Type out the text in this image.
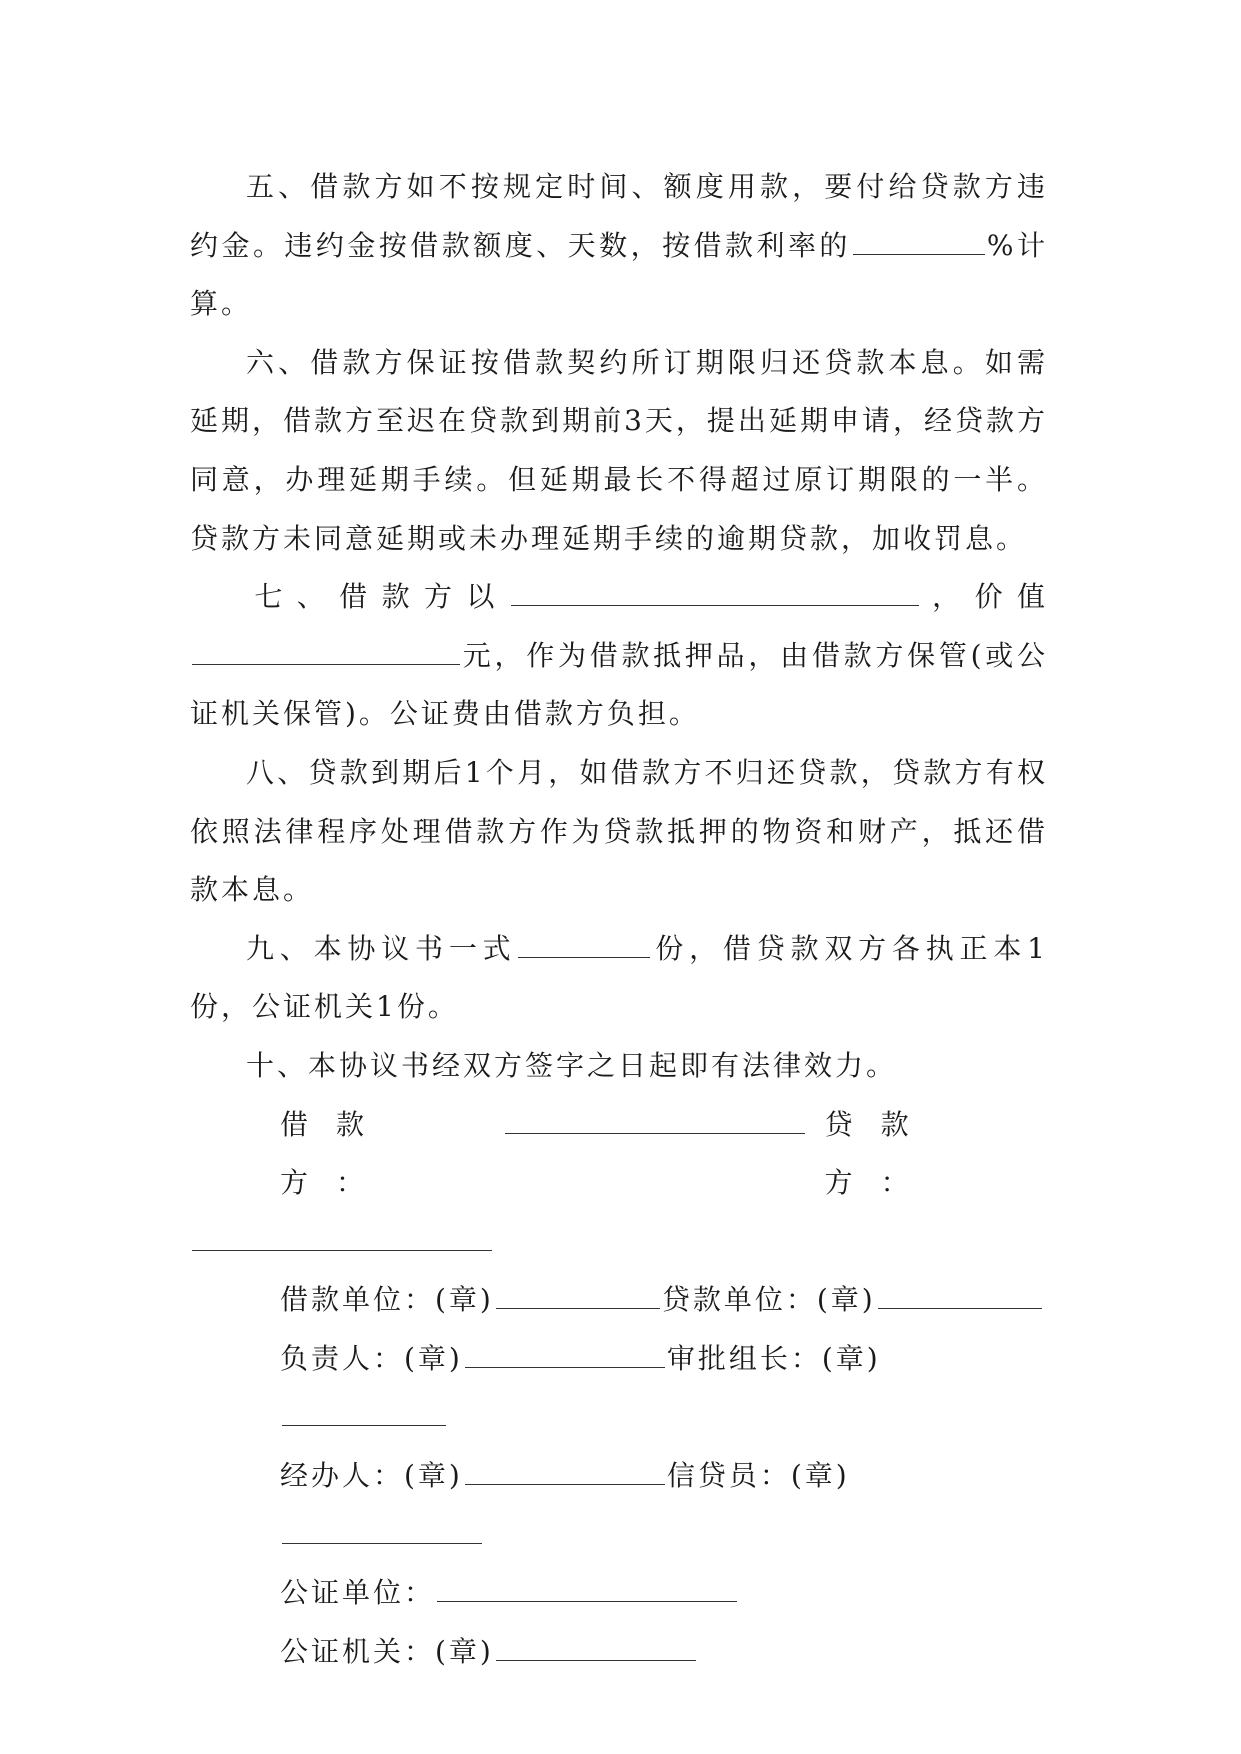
五、借款方如不按规定时间、额度用款，要付给贷款方违约金。违约金按借款额度、天数，按借款利率的	%计算。

六、借款方保证按借款契约所订期限归还贷款本息。如需延期，借款方至迟在贷款到期前3天，提出延期申请，经贷款方同意，办理延期手续。但延期最长不得超过原订期限的一半。贷款方未同意延期或未办理延期手续的逾期贷款，加收罚息。

七、借款方以	，价值元，作为借款抵押品，由借款方保管(或公证机关保管)。公证费由借款方负担。

八、贷款到期后1个月，如借款方不归还贷款，贷款方有权依照法律程序处理借款方作为贷款抵押的物资和财产，抵还借款本息。

九、本协议书一式	份，借贷款双方各执正本1份，公证机关1份。

十、本协议书经双方签字之日起即有法律效力。

借款方：
贷款方：
借款单位：(章)	贷款单位：(章)
负责人：(章)	审批组长：(章)
经办人：(章)	信贷员：(章)
公证单位：
公证机关：(章)
